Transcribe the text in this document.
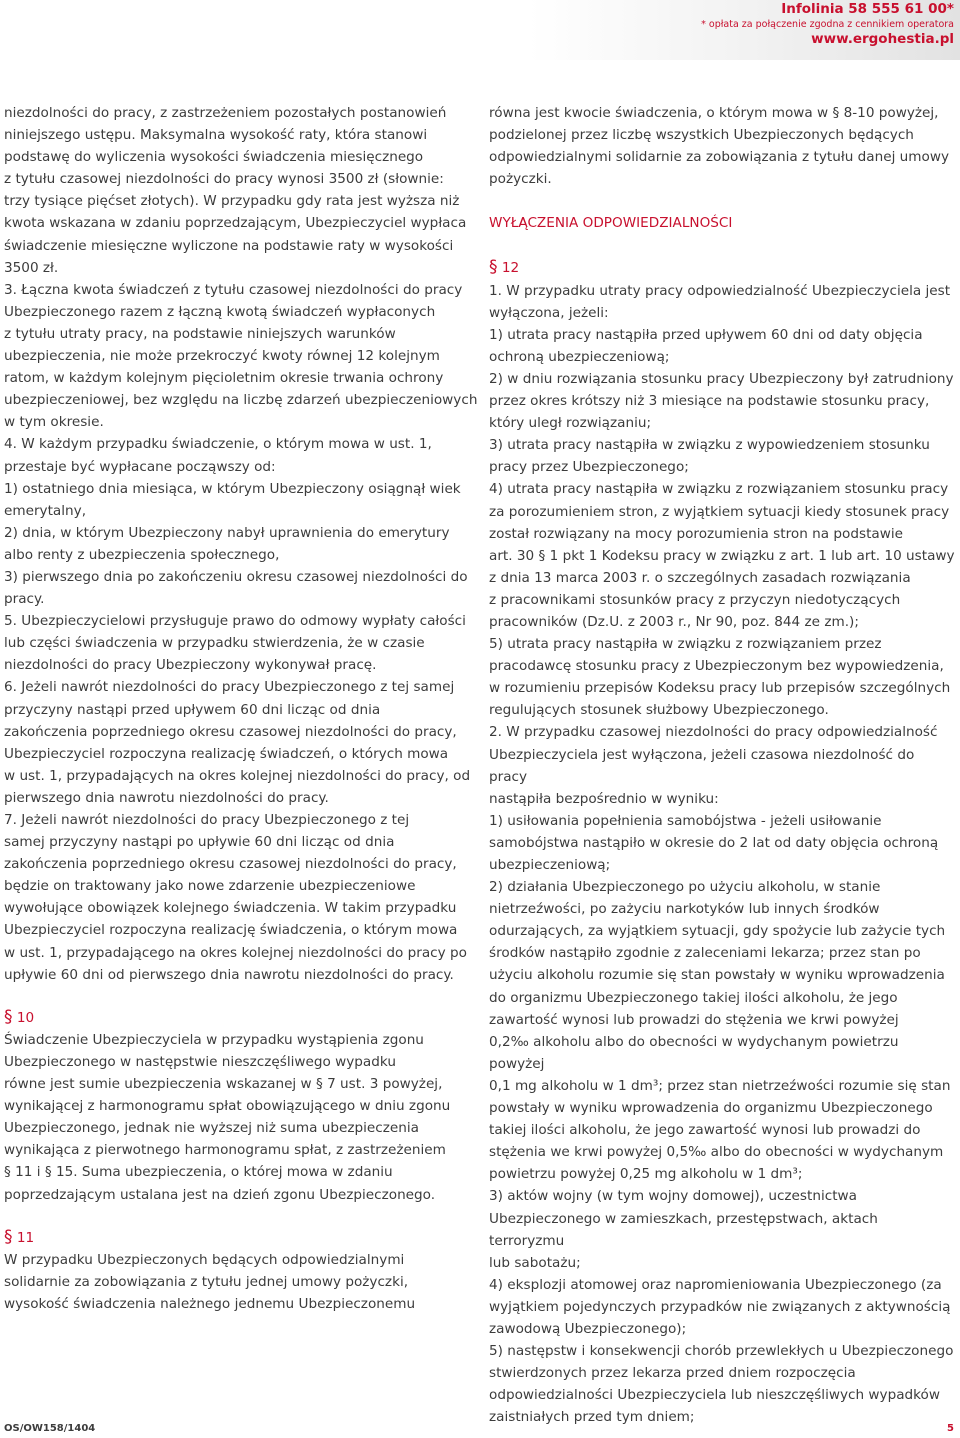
Infolinia 58 555 61 00*
* opłata za połączenie zgodna z cennikiem operatora
www.ergohestia.pl

niezdolności do pracy, z zastrzeżeniem pozostałych postanowień

niniejszego ustępu. Maksymalna wysokość raty, która stanowi

podstawę do wyliczenia wysokości świadczenia miesięcznego

z tytułu czasowej niezdolności do pracy wynosi 3500 zł (słownie:

trzy tysiące pięćset złotych). W przypadku gdy rata jest wyższa niż

kwota wskazana w zdaniu poprzedzającym, Ubezpieczyciel wypłaca

świadczenie miesięczne wyliczone na podstawie raty w wysokości

3500 zł.

3. Łączna kwota świadczeń z tytułu czasowej niezdolności do pracy

Ubezpieczonego razem z łączną kwotą świadczeń wypłaconych

z tytułu utraty pracy, na podstawie niniejszych warunków

ubezpieczenia, nie może przekroczyć kwoty równej 12 kolejnym

ratom, w każdym kolejnym pięcioletnim okresie trwania ochrony

ubezpieczeniowej, bez względu na liczbę zdarzeń ubezpieczeniowych

w tym okresie.

4. W każdym przypadku świadczenie, o którym mowa w ust. 1,

przestaje być wypłacane począwszy od:

1) ostatniego dnia miesiąca, w którym Ubezpieczony osiągnął wiek

emerytalny,

2) dnia, w którym Ubezpieczony nabył uprawnienia do emerytury

albo renty z ubezpieczenia społecznego,

3) pierwszego dnia po zakończeniu okresu czasowej niezdolności do

pracy.

5. Ubezpieczycielowi przysługuje prawo do odmowy wypłaty całości

lub części świadczenia w przypadku stwierdzenia, że w czasie

niezdolności do pracy Ubezpieczony wykonywał pracę.

6. Jeżeli nawrót niezdolności do pracy Ubezpieczonego z tej samej

przyczyny nastąpi przed upływem 60 dni licząc od dnia

zakończenia poprzedniego okresu czasowej niezdolności do pracy,

Ubezpieczyciel rozpoczyna realizację świadczeń, o których mowa

w ust. 1, przypadających na okres kolejnej niezdolności do pracy, od

pierwszego dnia nawrotu niezdolności do pracy.

7. Jeżeli nawrót niezdolności do pracy Ubezpieczonego z tej

samej przyczyny nastąpi po upływie 60 dni licząc od dnia

zakończenia poprzedniego okresu czasowej niezdolności do pracy,

będzie on traktowany jako nowe zdarzenie ubezpieczeniowe

wywołujące obowiązek kolejnego świadczenia. W takim przypadku

Ubezpieczyciel rozpoczyna realizację świadczenia, o którym mowa

w ust. 1, przypadającego na okres kolejnej niezdolności do pracy po

upływie 60 dni od pierwszego dnia nawrotu niezdolności do pracy.

§ 10

Świadczenie Ubezpieczyciela w przypadku wystąpienia zgonu

Ubezpieczonego w następstwie nieszczęśliwego wypadku

równe jest sumie ubezpieczenia wskazanej w § 7 ust. 3 powyżej,

wynikającej z harmonogramu spłat obowiązującego w dniu zgonu

Ubezpieczonego, jednak nie wyższej niż suma ubezpieczenia

wynikająca z pierwotnego harmonogramu spłat, z zastrzeżeniem

§ 11 i § 15. Suma ubezpieczenia, o której mowa w zdaniu

poprzedzającym ustalana jest na dzień zgonu Ubezpieczonego.

§ 11

W przypadku Ubezpieczonych będących odpowiedzialnymi

solidarnie za zobowiązania z tytułu jednej umowy pożyczki,

wysokość świadczenia należnego jednemu Ubezpieczonemu

równa jest kwocie świadczenia, o którym mowa w § 8-10 powyżej,

podzielonej przez liczbę wszystkich Ubezpieczonych będących

odpowiedzialnymi solidarnie za zobowiązania z tytułu danej umowy

pożyczki.

WYŁĄCZENIA ODPOWIEDZIALNOŚCI
§ 12

1. W przypadku utraty pracy odpowiedzialność Ubezpieczyciela jest

wyłączona, jeżeli:

1) utrata pracy nastąpiła przed upływem 60 dni od daty objęcia

ochroną ubezpieczeniową;

2) w dniu rozwiązania stosunku pracy Ubezpieczony był zatrudniony

przez okres krótszy niż 3 miesiące na podstawie stosunku pracy,

który uległ rozwiązaniu;

3) utrata pracy nastąpiła w związku z wypowiedzeniem stosunku

pracy przez Ubezpieczonego;

4) utrata pracy nastąpiła w związku z rozwiązaniem stosunku pracy

za porozumieniem stron, z wyjątkiem sytuacji kiedy stosunek pracy

został rozwiązany na mocy porozumienia stron na podstawie

art. 30 § 1 pkt 1 Kodeksu pracy w związku z art. 1 lub art. 10 ustawy

z dnia 13 marca 2003 r. o szczególnych zasadach rozwiązania

z pracownikami stosunków pracy z przyczyn niedotyczących

pracowników (Dz.U. z 2003 r., Nr 90, poz. 844 ze zm.);

5) utrata pracy nastąpiła w związku z rozwiązaniem przez

pracodawcę stosunku pracy z Ubezpieczonym bez wypowiedzenia,

w rozumieniu przepisów Kodeksu pracy lub przepisów szczególnych

regulujących stosunek służbowy Ubezpieczonego.

2. W przypadku czasowej niezdolności do pracy odpowiedzialność

Ubezpieczyciela jest wyłączona, jeżeli czasowa niezdolność do pracy

nastąpiła bezpośrednio w wyniku:

1) usiłowania popełnienia samobójstwa - jeżeli usiłowanie

samobójstwa nastąpiło w okresie do 2 lat od daty objęcia ochroną

ubezpieczeniową;

2) działania Ubezpieczonego po użyciu alkoholu, w stanie

nietrzeźwości, po zażyciu narkotyków lub innych środków

odurzających, za wyjątkiem sytuacji, gdy spożycie lub zażycie tych

środków nastąpiło zgodnie z zaleceniami lekarza; przez stan po

użyciu alkoholu rozumie się stan powstały w wyniku wprowadzenia

do organizmu Ubezpieczonego takiej ilości alkoholu, że jego

zawartość wynosi lub prowadzi do stężenia we krwi powyżej

0,2‰ alkoholu albo do obecności w wydychanym powietrzu powyżej

0,1 mg alkoholu w 1 dm³; przez stan nietrzeźwości rozumie się stan

powstały w wyniku wprowadzenia do organizmu Ubezpieczonego

takiej ilości alkoholu, że jego zawartość wynosi lub prowadzi do

stężenia we krwi powyżej 0,5‰ albo do obecności w wydychanym

powietrzu powyżej 0,25 mg alkoholu w 1 dm³;

3) aktów wojny (w tym wojny domowej), uczestnictwa

Ubezpieczonego w zamieszkach, przestępstwach, aktach terroryzmu

lub sabotażu;

4) eksplozji atomowej oraz napromieniowania Ubezpieczonego (za

wyjątkiem pojedynczych przypadków nie związanych z aktywnością

zawodową Ubezpieczonego);

5) następstw i konsekwencji chorób przewlekłych u Ubezpieczonego

stwierdzonych przez lekarza przed dniem rozpoczęcia

odpowiedzialności Ubezpieczyciela lub nieszczęśliwych wypadków

zaistniałych przed tym dniem;

OS/OW158/1404	5
